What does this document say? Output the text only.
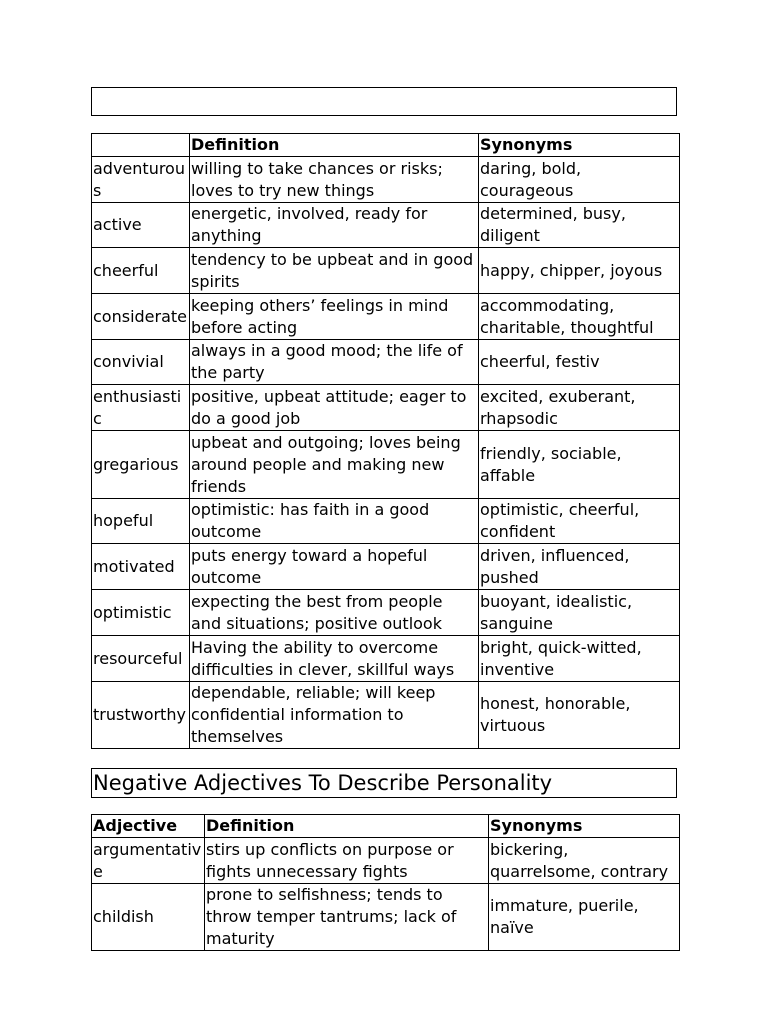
	Definition	Synonyms
adventurous	willing to take chances or risks; loves to try new things	daring, bold, courageous
active	energetic, involved, ready for anything	determined, busy, diligent
cheerful	tendency to be upbeat and in good spirits	happy, chipper, joyous
considerate	keeping others’ feelings in mind before acting	accommodating, charitable, thoughtful
convivial	always in a good mood; the life of the party	cheerful, festiv
enthusiastic	positive, upbeat attitude; eager to do a good job	excited, exuberant, rhapsodic
gregarious	upbeat and outgoing; loves being around people and making new friends	friendly, sociable, affable
hopeful	optimistic: has faith in a good outcome	optimistic, cheerful, confident
motivated	puts energy toward a hopeful outcome	driven, influenced, pushed
optimistic	expecting the best from people and situations; positive outlook	buoyant, idealistic, sanguine
resourceful	Having the ability to overcome difficulties in clever, skillful ways	bright, quick-witted, inventive
trustworthy	dependable, reliable; will keep confidential information to themselves	honest, honorable, virtuous
Negative Adjectives To Describe Personality
Adjective	Definition	Synonyms
argumentative	stirs up conflicts on purpose or fights unnecessary fights	bickering, quarrelsome, contrary
childish	prone to selfishness; tends to throw temper tantrums; lack of maturity	immature, puerile, naïve
